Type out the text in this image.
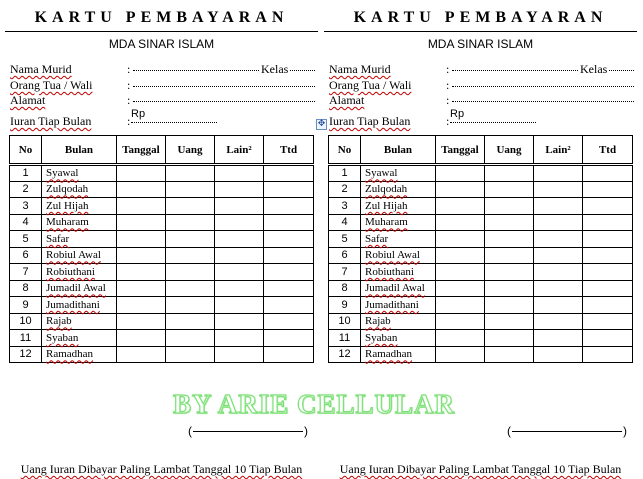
KARTU PEMBAYARAN
MDA SINAR ISLAM
Nama Murid	:	Kelas
Orang Tua / Wali	:
Alamat	:
Iuran Tiap Bulan	: Rp
No	Bulan	Tanggal	Uang	Lain²	Ttd
1	Syawal				
2	Zulqodah				
3	Zul Hijah				
4	Muharam				
5	Safar				
6	Robiul Awal				
7	Robiuthani				
8	Jumadil Awal				
9	Jumadithani				
10	Rajab				
11	Syaban				
12	Ramadhan				
(	)
Uang Iuran Dibayar Paling Lambat Tanggal 10 Tiap Bulan
KARTU PEMBAYARAN
MDA SINAR ISLAM
Nama Murid	:	Kelas
Orang Tua / Wali	:
Alamat	:
Iuran Tiap Bulan	: Rp
No	Bulan	Tanggal	Uang	Lain²	Ttd
1	Syawal				
2	Zulqodah				
3	Zul Hijah				
4	Muharam				
5	Safar				
6	Robiul Awal				
7	Robiuthani				
8	Jumadil Awal				
9	Jumadithani				
10	Rajab				
11	Syaban				
12	Ramadhan				
(	)
Uang Iuran Dibayar Paling Lambat Tanggal 10 Tiap Bulan
BY ARIE CELLULAR
✥
